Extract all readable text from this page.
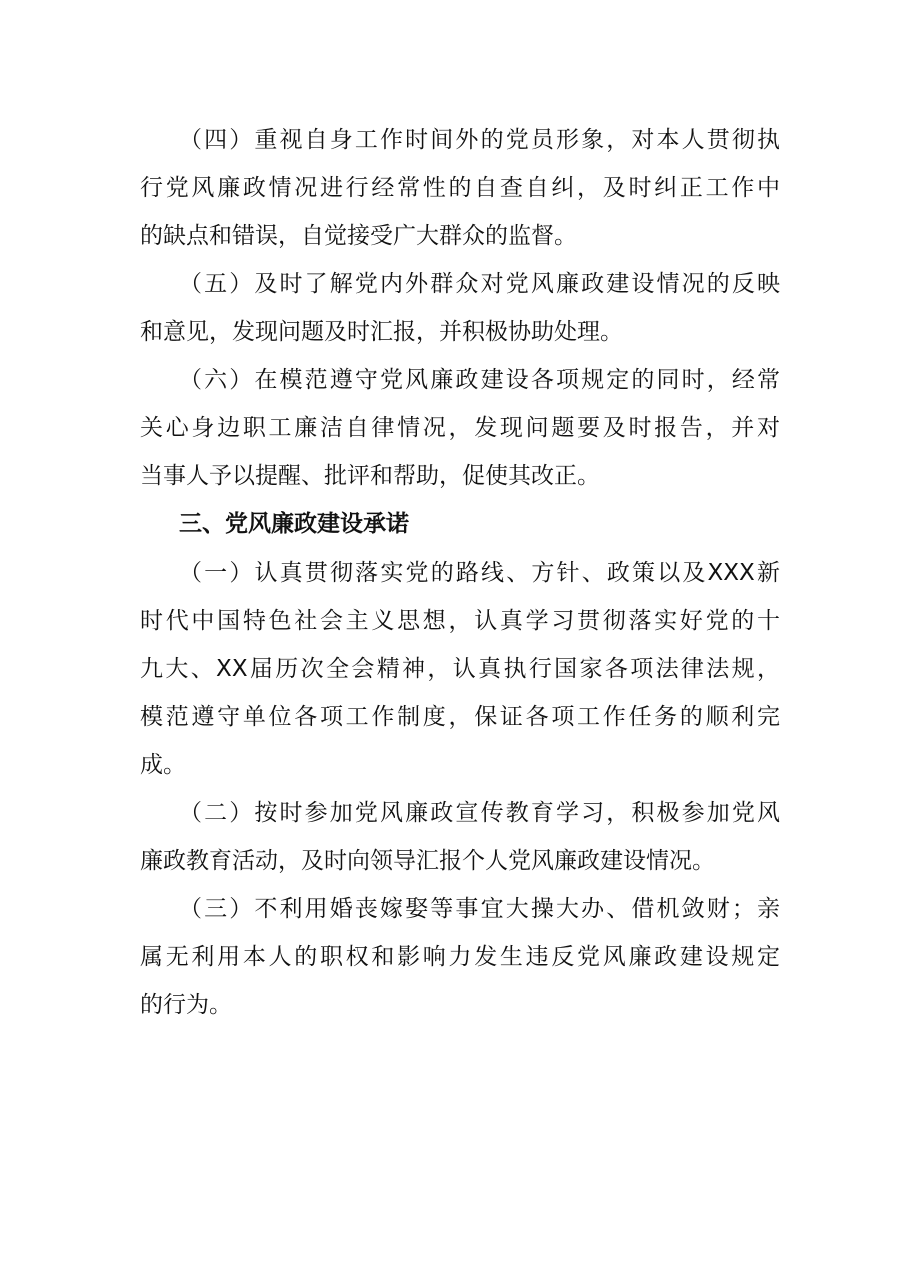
（四）重视自身工作时间外的党员形象，对本人贯彻执
行党风廉政情况进行经常性的自查自纠，及时纠正工作中
的缺点和错误，自觉接受广大群众的监督。
（五）及时了解党内外群众对党风廉政建设情况的反映
和意见，发现问题及时汇报，并积极协助处理。
（六）在模范遵守党风廉政建设各项规定的同时，经常
关心身边职工廉洁自律情况，发现问题要及时报告，并对
当事人予以提醒、批评和帮助，促使其改正。
三、党风廉政建设承诺
（一）认真贯彻落实党的路线、方针、政策以及XXX新
时代中国特色社会主义思想，认真学习贯彻落实好党的十
九大、XX届历次全会精神，认真执行国家各项法律法规，
模范遵守单位各项工作制度，保证各项工作任务的顺利完
成。
（二）按时参加党风廉政宣传教育学习，积极参加党风
廉政教育活动，及时向领导汇报个人党风廉政建设情况。
（三）不利用婚丧嫁娶等事宜大操大办、借机敛财；亲
属无利用本人的职权和影响力发生违反党风廉政建设规定
的行为。
